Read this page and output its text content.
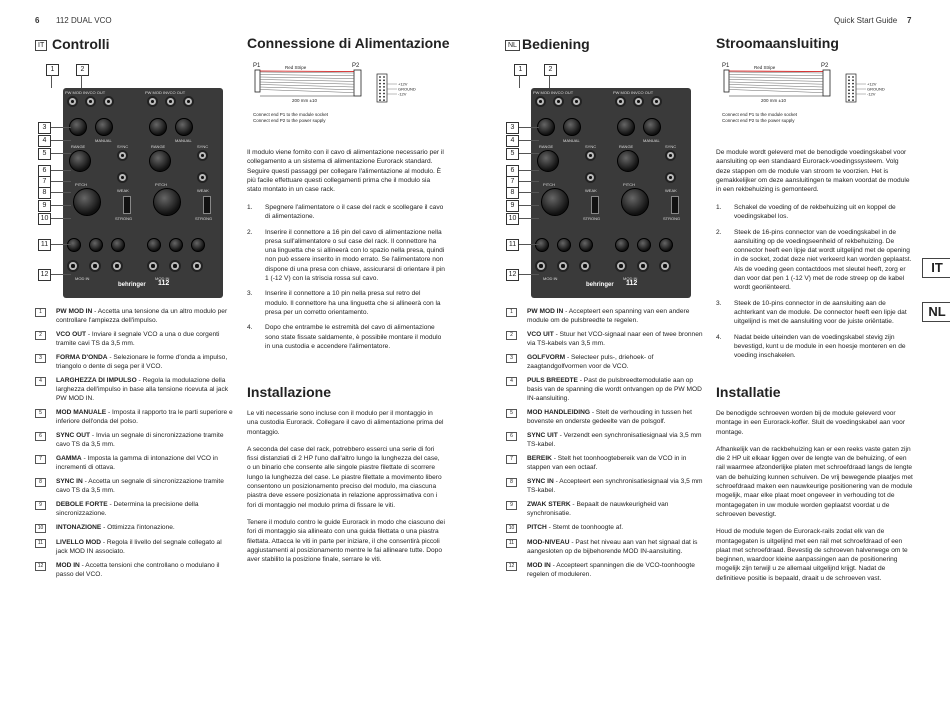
6 112 DUAL VCO	Quick Start Guide 7
IT Controlli
PW MOD IN VCO OUT
MANUAL
RANGE	SYNC
PITCH
WEAK
STRONG
MOD IN
PW MOD IN VCO OUT
MANUAL
RANGE	SYNC
PITCH
WEAK
STRONG
MOD IN
behringer 112
1	2
3
4
5
6
7
8
9
10
11
12
1	PW MOD IN - Accetta una tensione da un altro modulo per controllare l'ampiezza dell'impulso.
2	VCO OUT - Inviare il segnale VCO a una o due corgenti tramite cavi TS da 3,5 mm.
3	FORMA D'ONDA - Selezionare le forme d'onda a impulso, triangolo o dente di sega per il VCO.
4	LARGHEZZA DI IMPULSO - Regola la modulazione della larghezza dell'impulso in base alla tensione ricevuta al jack PW MOD IN.
5	MOD MANUALE - Imposta il rapporto tra le parti superiore e inferiore dell'onda del polso.
6	SYNC OUT - Invia un segnale di sincronizzazione tramite cavo TS da 3,5 mm.
7	GAMMA - Imposta la gamma di intonazione del VCO in incrementi di ottava.
8	SYNC IN - Accetta un segnale di sincronizzazione tramite cavo TS da 3,5 mm.
9	DEBOLE FORTE - Determina la precisione della sincronizzazione.
10	INTONAZIONE - Ottimizza l'intonazione.
11	LIVELLO MOD - Regola il livello del segnale collegato al jack MOD IN associato.
12	MOD IN - Accetta tensioni che controllano o modulano il passo del VCO.
Connessione di Alimentazione
P1	P2
Red Stripe
200 mm ±10
+12V
GROUND
-12V
Connect end P1 to the module socket
Connect end P2 to the power supply
Il modulo viene fornito con il cavo di alimentazione necessario per il collegamento a un sistema di alimentazione Eurorack standard. Seguire questi passaggi per collegare l'alimentazione al modulo. È più facile effettuare questi collegamenti prima che il modulo sia stato montato in un case rack.
1.	Spegnere l'alimentatore o il case del rack e scollegare il cavo di alimentazione.
2.	Inserire il connettore a 16 pin del cavo di alimentazione nella presa sull'alimentatore o sul case del rack. Il connettore ha una linguetta che si allineerà con lo spazio nella presa, quindi non può essere inserito in modo errato. Se l'alimentatore non dispone di una presa con chiave, assicurarsi di orientare il pin 1 (-12 V) con la striscia rossa sul cavo.
3.	Inserire il connettore a 10 pin nella presa sul retro del modulo. Il connettore ha una linguetta che si allineerà con la presa per un corretto orientamento.
4.	Dopo che entrambe le estremità del cavo di alimentazione sono state fissate saldamente, è possibile montare il modulo in una custodia e accendere l'alimentatore.
Installazione

Le viti necessarie sono incluse con il modulo per il montaggio in una custodia Eurorack. Collegare il cavo di alimentazione prima del montaggio.

A seconda del case del rack, potrebbero esserci una serie di fori fissi distanziati di 2 HP l'uno dall'altro lungo la lunghezza del case, o un binario che consente alle singole piastre filettate di scorrere lungo la lunghezza del case. Le piastre filettate a movimento libero consentono un posizionamento preciso del modulo, ma ciascuna piastra deve essere posizionata in relazione approssimativa con i fori di montaggio nel modulo prima di fissare le viti.

Tenere il modulo contro le guide Eurorack in modo che ciascuno dei fori di montaggio sia allineato con una guida filettata o una piastra filettata. Attacca le viti in parte per iniziare, il che consentirà piccoli aggiustamenti al posizionamento mentre le fai allineare tutte. Dopo aver stabilito la posizione finale, serrare le viti.

NL Bediening
PW MOD IN VCO OUT
MANUAL
RANGE	SYNC
PITCH
WEAK
STRONG
MOD IN
PW MOD IN VCO OUT
MANUAL
RANGE	SYNC
PITCH
WEAK
STRONG
MOD IN
behringer 112
1	2
3
4
5
6
7
8
9
10
11
12
1	PW MOD IN - Accepteert een spanning van een andere module om de pulsbreedte te regelen.
2	VCO UIT - Stuur het VCO-signaal naar een of twee bronnen via TS-kabels van 3,5 mm.
3	GOLFVORM - Selecteer puls-, driehoek- of zaagtandgolfvormen voor de VCO.
4	PULS BREEDTE - Past de pulsbreedtemodulatie aan op basis van de spanning die wordt ontvangen op de PW MOD IN-aansluiting.
5	MOD HANDLEIDING - Stelt de verhouding in tussen het bovenste en onderste gedeelte van de polsgolf.
6	SYNC UIT - Verzendt een synchronisatiesignaal via 3,5 mm TS-kabel.
7	BEREIK - Stelt het toonhoogtebereik van de VCO in in stappen van een octaaf.
8	SYNC IN - Accepteert een synchronisatiesignaal via 3,5 mm TS-kabel.
9	ZWAK STERK - Bepaalt de nauwkeurigheid van synchronisatie.
10	PITCH - Stemt de toonhoogte af.
11	MOD-NIVEAU - Past het niveau aan van het signaal dat is aangesloten op de bijbehorende MOD IN-aansluiting.
12	MOD IN - Accepteert spanningen die de VCO-toonhoogte regelen of moduleren.
Stroomaansluiting
P1	P2
Red Stripe
200 mm ±10
+12V
GROUND
-12V
Connect end P1 to the module socket
Connect end P2 to the power supply
De module wordt geleverd met de benodigde voedingskabel voor aansluiting op een standaard Eurorack-voedingssysteem. Volg deze stappen om de module van stroom te voorzien. Het is gemakkelijker om deze aansluitingen te maken voordat de module in een rekbehuizing is gemonteerd.
1.	Schakel de voeding of de rekbehuizing uit en koppel de voedingskabel los.
2.	Steek de 16-pins connector van de voedingskabel in de aansluiting op de voedingseenheid of rekbehuizing. De connector heeft een lipje dat wordt uitgelijnd met de opening in de socket, zodat deze niet verkeerd kan worden geplaatst. Als de voeding geen contactdoos met sleutel heeft, zorg er dan voor dat pen 1 (-12 V) met de rode streep op de kabel wordt georiënteerd.
3.	Steek de 10-pins connector in de aansluiting aan de achterkant van de module. De connector heeft een lipje dat uitgelijnd is met de aansluiting voor de juiste oriëntatie.
4.	Nadat beide uiteinden van de voedingskabel stevig zijn bevestigd, kunt u de module in een hoesje monteren en de voeding inschakelen.
Installatie

De benodigde schroeven worden bij de module geleverd voor montage in een Eurorack-koffer. Sluit de voedingskabel aan voor montage.

Afhankelijk van de rackbehuizing kan er een reeks vaste gaten zijn die 2 HP uit elkaar liggen over de lengte van de behuizing, of een rail waarmee afzonderlijke platen met schroefdraad langs de lengte van de behuizing kunnen schuiven. De vrij bewegende plaatjes met schroefdraad maken een nauwkeurige positionering van de module mogelijk, maar elke plaat moet ongeveer in verhouding tot de montagegaten in uw module worden geplaatst voordat u de schroeven bevestigt.

Houd de module tegen de Eurorack-rails zodat elk van de montagegaten is uitgelijnd met een rail met schroefdraad of een plaat met schroefdraad. Bevestig de schroeven halverwege om te beginnen, waardoor kleine aanpassingen aan de positionering mogelijk zijn terwijl u ze allemaal uitgelijnd krijgt. Nadat de definitieve positie is bepaald, draait u de schroeven vast.

IT
NL
